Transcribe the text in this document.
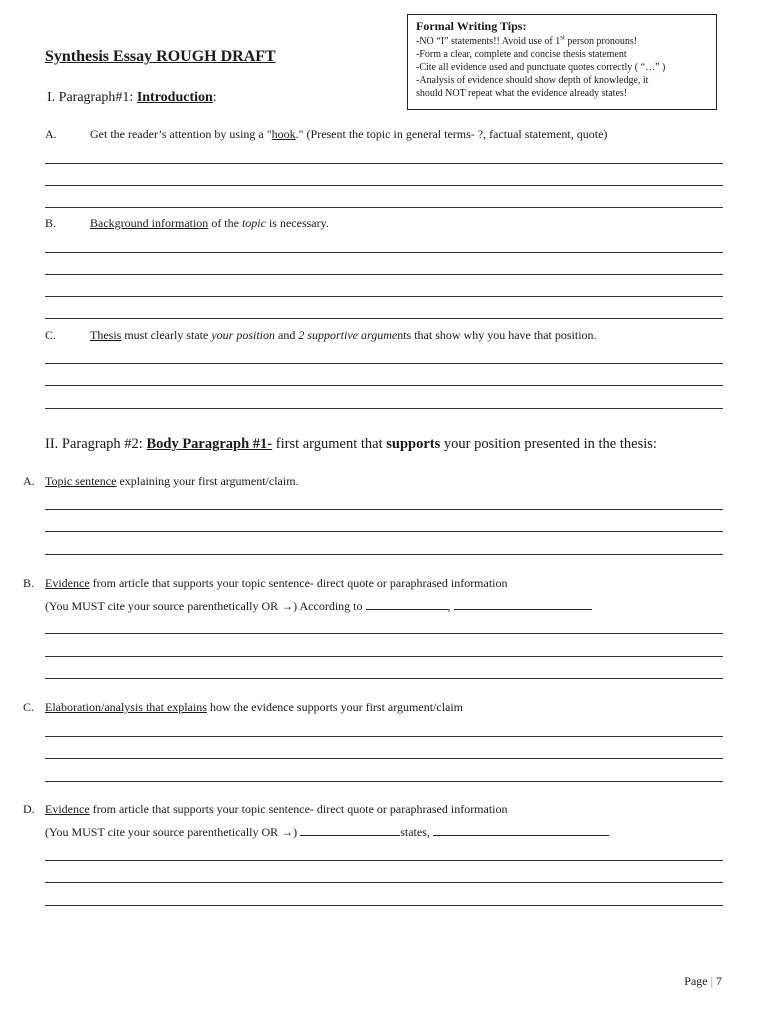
Formal Writing Tips:
-NO “I” statements!! Avoid use of 1st person pronouns!
-Form a clear, complete and concise thesis statement
-Cite all evidence used and punctuate quotes correctly ( “…” )
-Analysis of evidence should show depth of knowledge, it
should NOT repeat what the evidence already states!
Synthesis Essay ROUGH DRAFT
I. Paragraph#1: Introduction:
A.	Get the reader’s attention by using a "hook." (Present the topic in general terms- ?, factual statement, quote)
B.	Background information of the topic is necessary.
C.	Thesis must clearly state your position and 2 supportive arguments that show why you have that position.
II. Paragraph #2: Body Paragraph #1- first argument that supports your position presented in the thesis:
A. Topic sentence explaining your first argument/claim.
B. Evidence from article that supports your topic sentence- direct quote or paraphrased information
(You MUST cite your source parenthetically OR →) According to	,
C. Elaboration/analysis that explains how the evidence supports your first argument/claim
D. Evidence from article that supports your topic sentence- direct quote or paraphrased information
(You MUST cite your source parenthetically OR →)	states,
Page | 7
